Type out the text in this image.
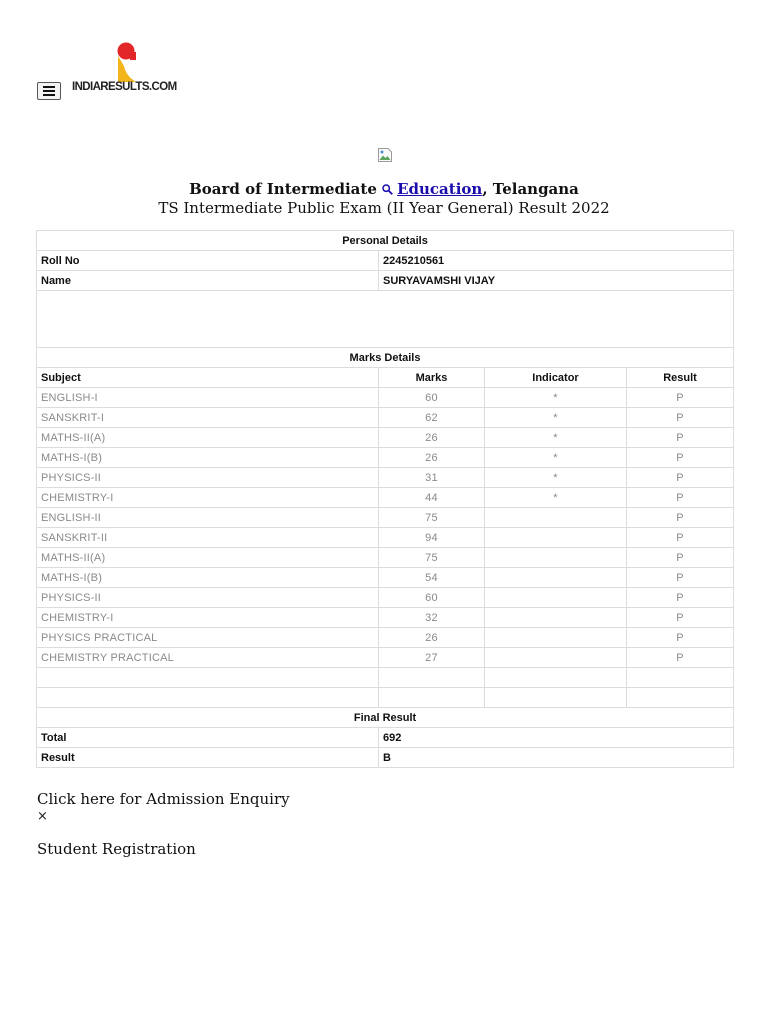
INDIARESULTS.COM
Board of Intermediate Education, Telangana
TS Intermediate Public Exam (II Year General) Result 2022
Personal Details			
Roll No	2245210561		
Name	SURYAVAMSHI VIJAY		

Marks Details			
Subject	Marks	Indicator	Result
ENGLISH-I	60	*	P
SANSKRIT-I	62	*	P
MATHS-II(A)	26	*	P
MATHS-I(B)	26	*	P
PHYSICS-II	31	*	P
CHEMISTRY-I	44	*	P
ENGLISH-II	75		P
SANSKRIT-II	94		P
MATHS-II(A)	75		P
MATHS-I(B)	54		P
PHYSICS-II	60		P
CHEMISTRY-I	32		P
PHYSICS PRACTICAL	26		P
CHEMISTRY PRACTICAL	27		P

Final Result			
Total	692		
Result	B		
Click here for Admission Enquiry
×
Student Registration
